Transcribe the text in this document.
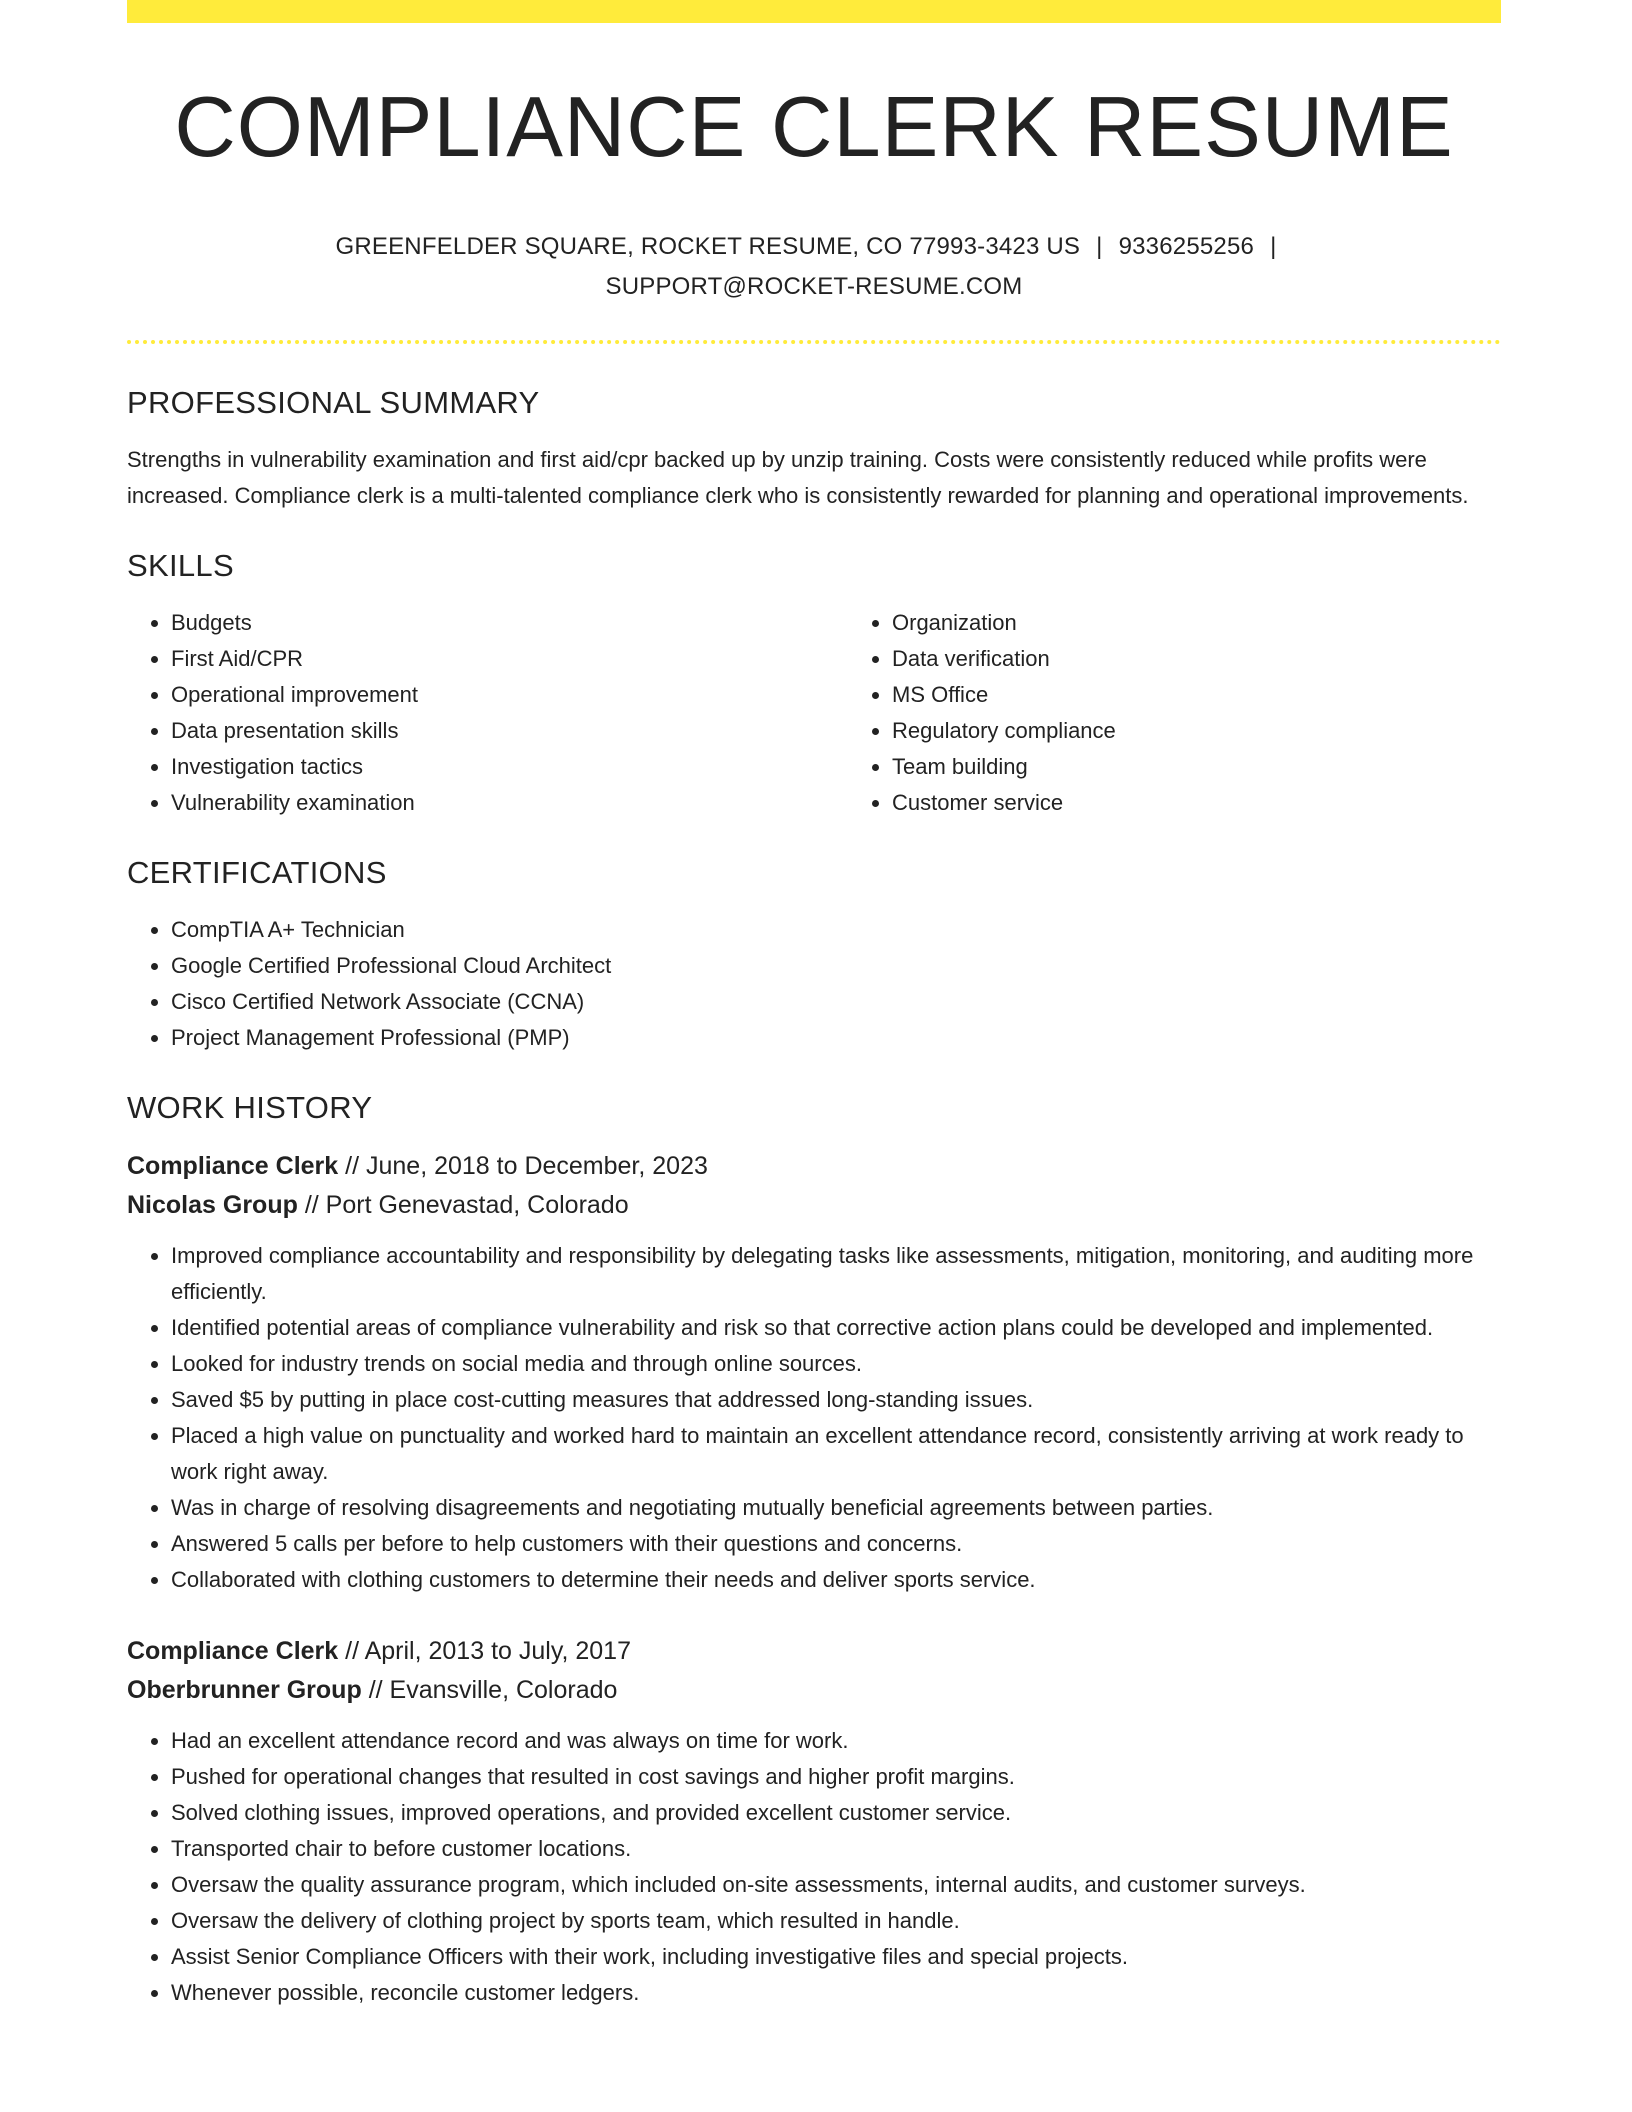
COMPLIANCE CLERK RESUME
GREENFELDER SQUARE, ROCKET RESUME, CO 77993-3423 US | 9336255256 |
SUPPORT@ROCKET-RESUME.COM
PROFESSIONAL SUMMARY

Strengths in vulnerability examination and first aid/cpr backed up by unzip training. Costs were consistently reduced while profits were increased. Compliance clerk is a multi-talented compliance clerk who is consistently rewarded for planning and operational improvements.

SKILLS
• Budgets
• First Aid/CPR
• Operational improvement
• Data presentation skills
• Investigation tactics
• Vulnerability examination
• Organization
• Data verification
• MS Office
• Regulatory compliance
• Team building
• Customer service
CERTIFICATIONS
• CompTIA A+ Technician
• Google Certified Professional Cloud Architect
• Cisco Certified Network Associate (CCNA)
• Project Management Professional (PMP)
WORK HISTORY
Compliance Clerk // June, 2018 to December, 2023
Nicolas Group // Port Genevastad, Colorado
• Improved compliance accountability and responsibility by delegating tasks like assessments, mitigation, monitoring, and auditing more efficiently.
• Identified potential areas of compliance vulnerability and risk so that corrective action plans could be developed and implemented.
• Looked for industry trends on social media and through online sources.
• Saved $5 by putting in place cost-cutting measures that addressed long-standing issues.
• Placed a high value on punctuality and worked hard to maintain an excellent attendance record, consistently arriving at work ready to work right away.
• Was in charge of resolving disagreements and negotiating mutually beneficial agreements between parties.
• Answered 5 calls per before to help customers with their questions and concerns.
• Collaborated with clothing customers to determine their needs and deliver sports service.
Compliance Clerk // April, 2013 to July, 2017
Oberbrunner Group // Evansville, Colorado
• Had an excellent attendance record and was always on time for work.
• Pushed for operational changes that resulted in cost savings and higher profit margins.
• Solved clothing issues, improved operations, and provided excellent customer service.
• Transported chair to before customer locations.
• Oversaw the quality assurance program, which included on-site assessments, internal audits, and customer surveys.
• Oversaw the delivery of clothing project by sports team, which resulted in handle.
• Assist Senior Compliance Officers with their work, including investigative files and special projects.
• Whenever possible, reconcile customer ledgers.
